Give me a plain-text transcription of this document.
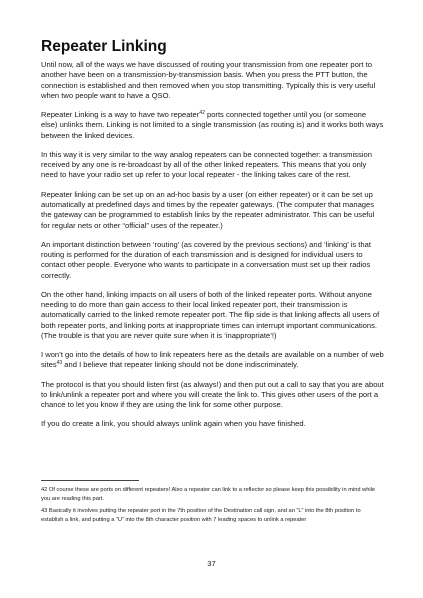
Repeater Linking

Until now, all of the ways we have discussed of routing your transmission from one repeater port to another have been on a transmission-by-transmission basis. When you press the PTT button, the connection is established and then removed when you stop transmitting. Typically this is very useful when two people want to have a QSO.

Repeater Linking is a way to have two repeater$^{42}$ ports connected together until you (or someone else) unlinks them. Linking is not limited to a single transmission (as routing is) and it works both ways between the linked devices.

In this way it is very similar to the way analog repeaters can be connected together: a transmission received by any one is re-broadcast by all of the other linked repeaters. This means that you only need to have your radio set up refer to your local repeater - the linking takes care of the rest.

Repeater linking can be set up on an ad-hoc basis by a user (on either repeater) or it can be set up automatically at predefined days and times by the repeater gateways. (The computer that manages the gateway can be programmed to establish links by the repeater administrator. This can be useful for regular nets or other “official” uses of the repeater.)

An important distinction between ‘routing’ (as covered by the previous sections) and ‘linking’ is that routing is performed for the duration of each transmission and is designed for individual users to contact other people. Everyone who wants to participate in a conversation must set up their radios correctly.

On the other hand, linking impacts on all users of both of the linked repeater ports. Without anyone needing to do more than gain access to their local linked repeater port, their transmission is automatically carried to the linked remote repeater port. The flip side is that linking affects all users of both repeater ports, and linking ports at inappropriate times can interrupt important communications. (The trouble is that you are never quite sure when it is ‘inappropriate’!)

I won’t go into the details of how to link repeaters here as the details are available on a number of web sites$^{43}$ and I believe that repeater linking should not be done indiscriminately.

The protocol is that you should listen first (as always!) and then put out a call to say that you are about to link/unlink a repeater port and where you will create the link to. This gives other users of the port a chance to let you know if they are using the link for some other purpose.

If you do create a link, you should always unlink again when you have finished.

42 Of course these are ports on different repeaters! Also a repeater can link to a reflector so please keep this possibility in mind while you are reading this part.

43 Basically it involves putting the repeater port in the 7th position of the Destination call sign, and an “L” into the 8th position to establish a link, and putting a “U” into the 8th character position with 7 leading spaces to unlink a repeater

37
